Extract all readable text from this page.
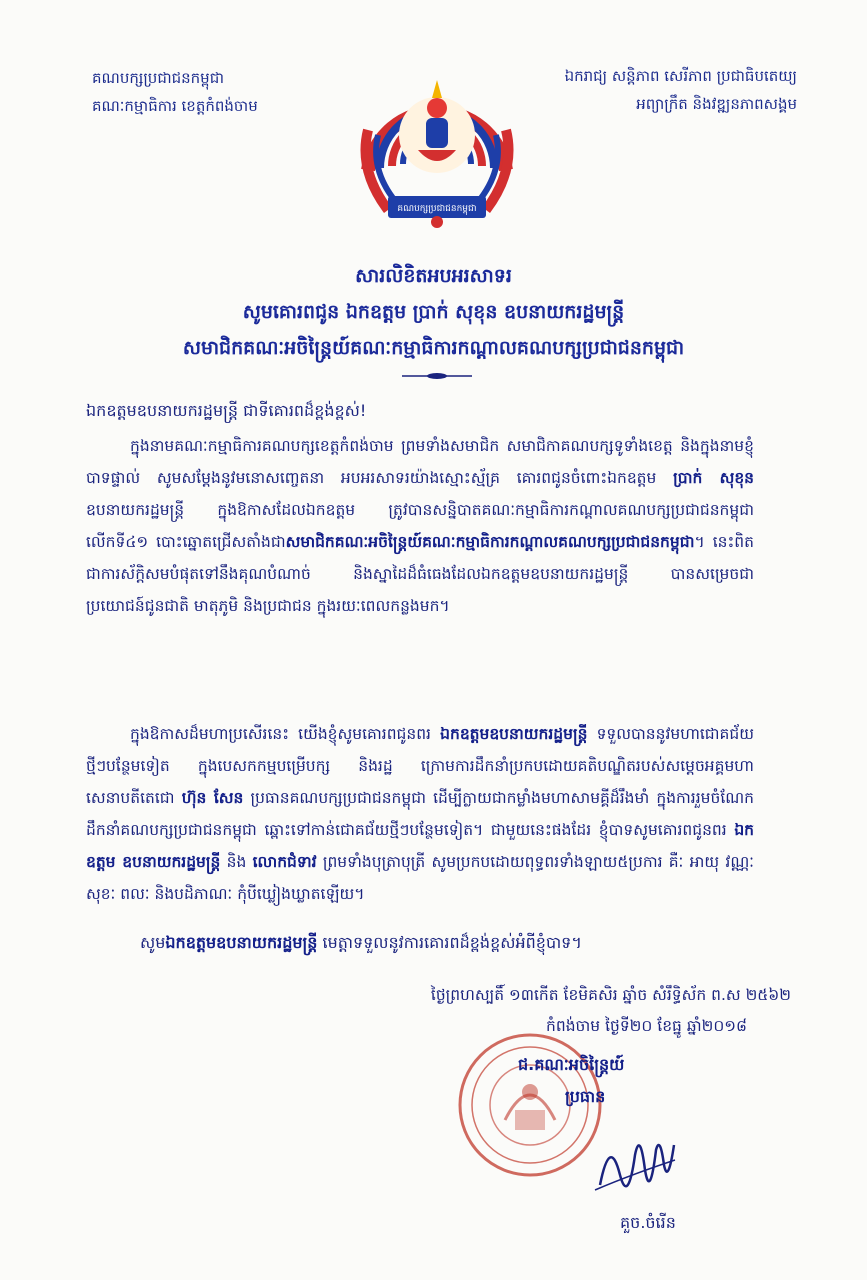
គណបក្សប្រជាជនកម្ពុជា
គណៈកម្មាធិការ ខេត្តកំពង់ចាម
ឯករាជ្យ សន្តិភាព សេរីភាព ប្រជាធិបតេយ្យ
អព្យាក្រឹត និងវឌ្ឍនភាពសង្គម
គណបក្សប្រជាជនកម្ពុជា
សារលិខិតអបអរសាទរ
សូមគោរពជូន ឯកឧត្តម ប្រាក់ សុខុន ឧបនាយករដ្ឋមន្ត្រី
សមាជិកគណៈអចិន្ត្រៃយ៍គណៈកម្មាធិការកណ្តាលគណបក្សប្រជាជនកម្ពុជា
ឯកឧត្តមឧបនាយករដ្ឋមន្ត្រី ជាទីគោរពដ៏ខ្ពង់ខ្ពស់!
ក្នុងនាមគណៈកម្មាធិការគណបក្សខេត្តកំពង់ចាម ព្រមទាំងសមាជិក សមាជិកាគណបក្សទូទាំងខេត្ត និងក្នុងនាមខ្ញុំបាទផ្ទាល់ សូមសម្តែងនូវមនោសញ្ចេតនា អបអរសាទរយ៉ាងស្មោះស្ម័គ្រ គោរពជូនចំពោះឯកឧត្តម ប្រាក់ សុខុន ឧបនាយករដ្ឋមន្ត្រី ក្នុងឱកាសដែលឯកឧត្តម ត្រូវបានសន្និបាតគណៈកម្មាធិការកណ្តាលគណបក្សប្រជាជនកម្ពុជាលើកទី៤១ បោះឆ្នោតជ្រើសតាំងជាសមាជិកគណៈអចិន្ត្រៃយ៍គណៈកម្មាធិការកណ្តាលគណបក្សប្រជាជនកម្ពុជា។ នេះពិតជាការស័ក្តិសមបំផុតទៅនឹងគុណបំណាច់ និងស្នាដៃដ៏ធំធេងដែលឯកឧត្តមឧបនាយករដ្ឋមន្ត្រី បានសម្រេចជាប្រយោជន៍ជូនជាតិ មាតុភូមិ និងប្រជាជន ក្នុងរយៈពេលកន្លងមក។
ក្នុងឱកាសដ៏មហាប្រសើរនេះ យើងខ្ញុំសូមគោរពជូនពរ ឯកឧត្តមឧបនាយករដ្ឋមន្ត្រី ទទួលបាននូវមហាជោគជ័យថ្មីៗបន្ថែមទៀត ក្នុងបេសកកម្មបម្រើបក្ស និងរដ្ឋ ក្រោមការដឹកនាំប្រកបដោយគតិបណ្ឌិតរបស់សម្តេចអគ្គមហាសេនាបតីតេជោ ហ៊ុន សែន ប្រធានគណបក្សប្រជាជនកម្ពុជា ដើម្បីក្លាយជាកម្លាំងមហាសាមគ្គីដ៏រឹងមាំ ក្នុងការរួមចំណែកដឹកនាំគណបក្សប្រជាជនកម្ពុជា ឆ្ពោះទៅកាន់ជោគជ័យថ្មីៗបន្ថែមទៀត។ ជាមួយនេះផងដែរ ខ្ញុំបាទសូមគោរពជូនពរ ឯកឧត្តម ឧបនាយករដ្ឋមន្ត្រី និង លោកជំទាវ ព្រមទាំងបុត្រាបុត្រី សូមប្រកបដោយពុទ្ធពរទាំងឡាយ៥ប្រការ គឺៈ អាយុ វណ្ណៈ សុខៈ ពលៈ និងបដិភាណៈ កុំបីឃ្លៀងឃ្លាតឡើយ។
សូមឯកឧត្តមឧបនាយករដ្ឋមន្ត្រី មេត្តាទទួលនូវការគោរពដ៏ខ្ពង់ខ្ពស់អំពីខ្ញុំបាទ។
ថ្ងៃព្រហស្បតិ៍ ១៣កើត ខែមិគសិរ ឆ្នាំច សំរឹទ្ធិស័ក ព.ស ២៥៦២
កំពង់ចាម ថ្ងៃទី២០ ខែធ្នូ ឆ្នាំ២០១៨
ជ.គណៈអចិន្ត្រៃយ៍
ប្រធាន
គួច.ចំរើន
